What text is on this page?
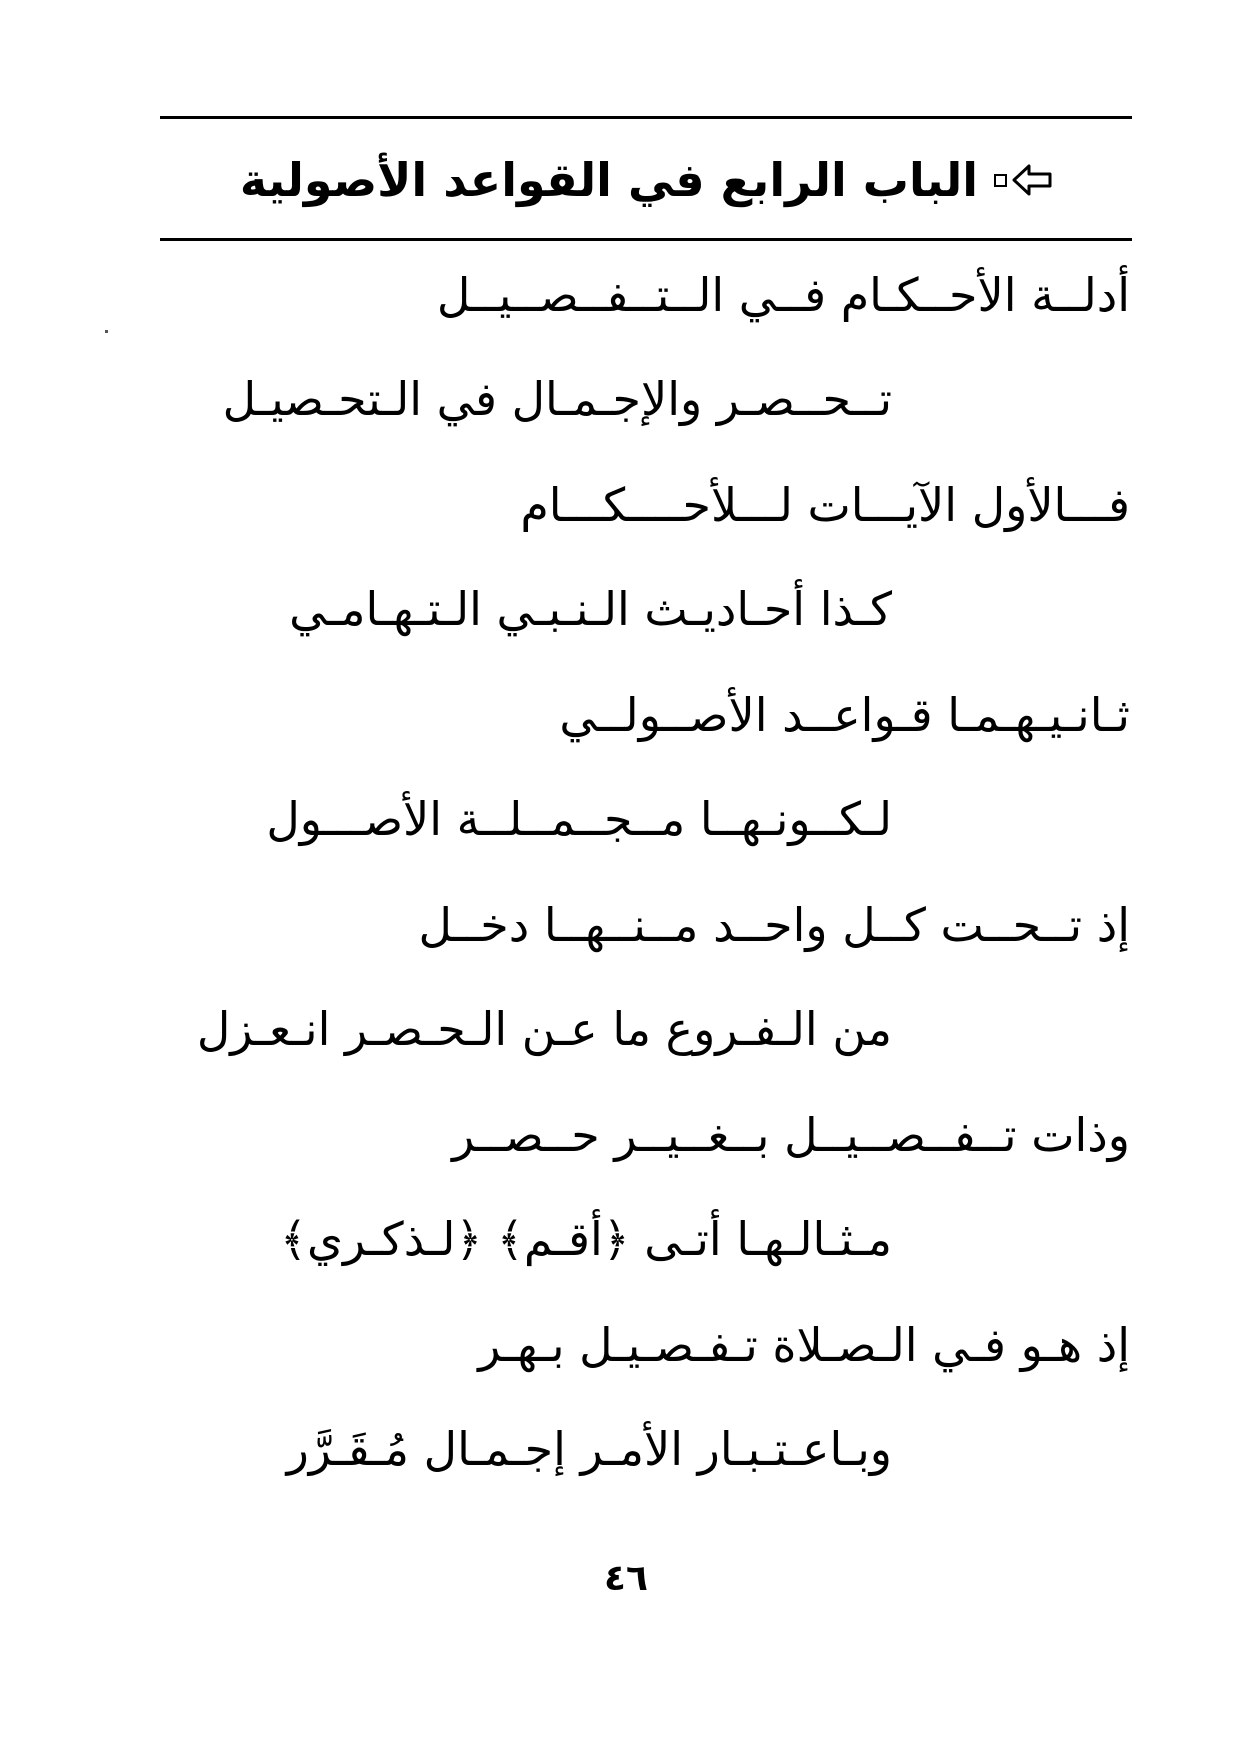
الباب الرابع في القواعد الأصولية
أدلــة الأحــكـام فــي الــتــفــصــيــل
تــحــصـر والإجـمـال في الـتحـصيـل
فـــالأول الآيـــات لـــلأحــــكـــام
كـذا أحـاديـث الـنـبـي الـتـهـامـي
ثـانـيـهـمـا قـواعــد الأصــولــي
لـكــونـهــا مــجــمــلــة الأصـــول
إذ تــحــت كــل واحــد مــنــهــا دخــل
من الـفـروع ما عـن الـحـصـر انـعـزل
وذات تــفــصــيــل بــغــيــر حــصــر
مـثـالـهـا أتـى ﴿أقـم﴾ ﴿لـذكـري﴾
إذ هـو فـي الـصـلاة تـفـصـيـل بـهـر
وبـاعـتـبـار الأمـر إجـمـال مُـقَـرَّر
٤٦
